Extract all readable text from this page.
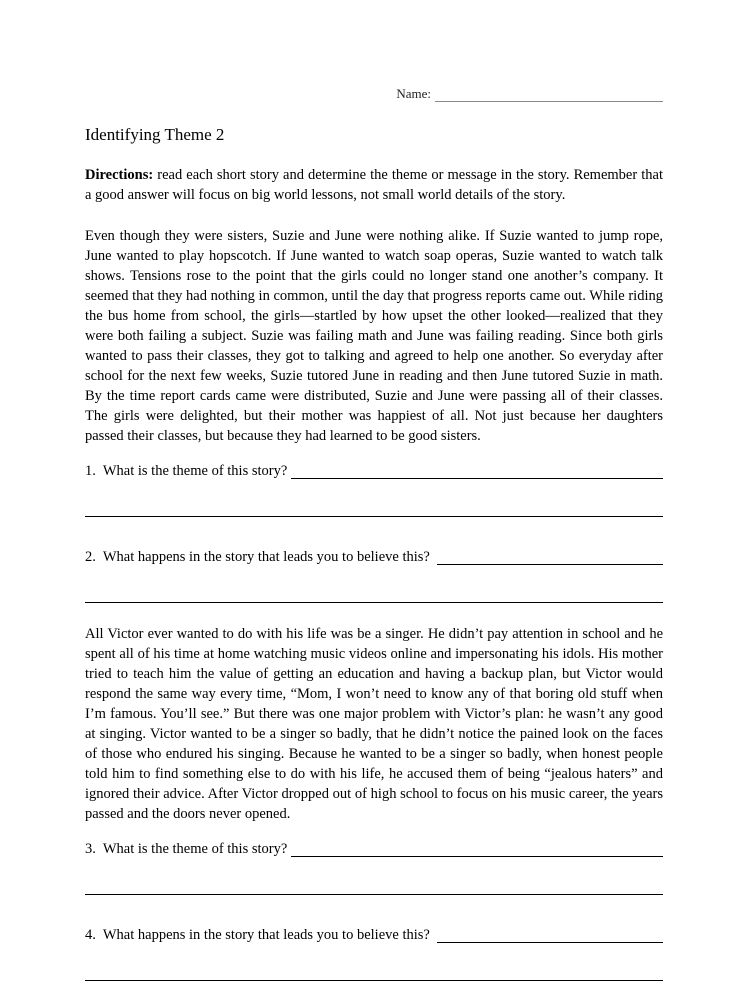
Name:
Identifying Theme 2

Directions: read each short story and determine the theme or message in the story. Remember that a good answer will focus on big world lessons, not small world details of the story.

Even though they were sisters, Suzie and June were nothing alike. If Suzie wanted to jump rope, June wanted to play hopscotch. If June wanted to watch soap operas, Suzie wanted to watch talk shows. Tensions rose to the point that the girls could no longer stand one another’s company. It seemed that they had nothing in common, until the day that progress reports came out. While riding the bus home from school, the girls—startled by how upset the other looked—realized that they were both failing a subject. Suzie was failing math and June was failing reading. Since both girls wanted to pass their classes, they got to talking and agreed to help one another. So everyday after school for the next few weeks, Suzie tutored June in reading and then June tutored Suzie in math. By the time report cards came were distributed, Suzie and June were passing all of their classes. The girls were delighted, but their mother was happiest of all. Not just because her daughters passed their classes, but because they had learned to be good sisters.

1.  What is the theme of this story?
2.  What happens in the story that leads you to believe this?

All Victor ever wanted to do with his life was be a singer. He didn’t pay attention in school and he spent all of his time at home watching music videos online and impersonating his idols. His mother tried to teach him the value of getting an education and having a backup plan, but Victor would respond the same way every time, “Mom, I won’t need to know any of that boring old stuff when I’m famous. You’ll see.” But there was one major problem with Victor’s plan: he wasn’t any good at singing. Victor wanted to be a singer so badly, that he didn’t notice the pained look on the faces of those who endured his singing. Because he wanted to be a singer so badly, when honest people told him to find something else to do with his life, he accused them of being “jealous haters” and ignored their advice. After Victor dropped out of high school to focus on his music career, the years passed and the doors never opened.

3.  What is the theme of this story?
4.  What happens in the story that leads you to believe this?
